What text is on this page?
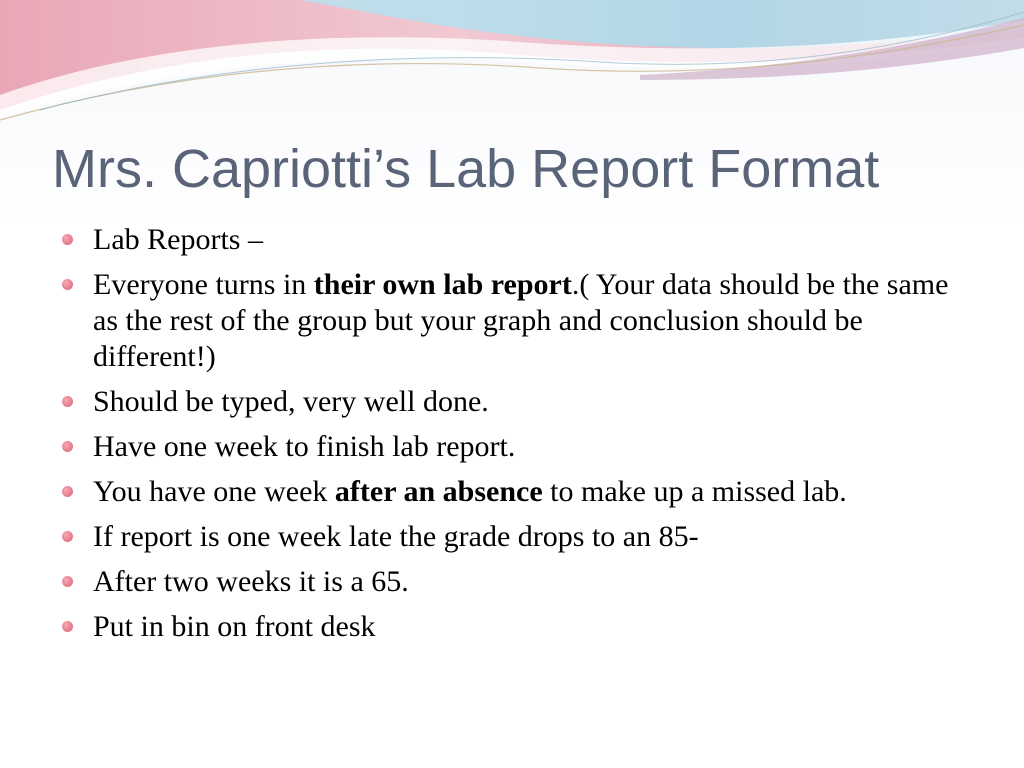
Mrs. Capriotti’s Lab Report Format
Lab Reports –
Everyone turns in their own lab report.( Your data should be the same as the rest of the group but your graph and conclusion should be different!)
Should be typed, very well done.
Have one week to finish lab report.
You have one week after an absence to make up a missed lab.
If report is one week late the grade drops to an 85-
After two weeks it is a 65.
Put in bin on front desk
